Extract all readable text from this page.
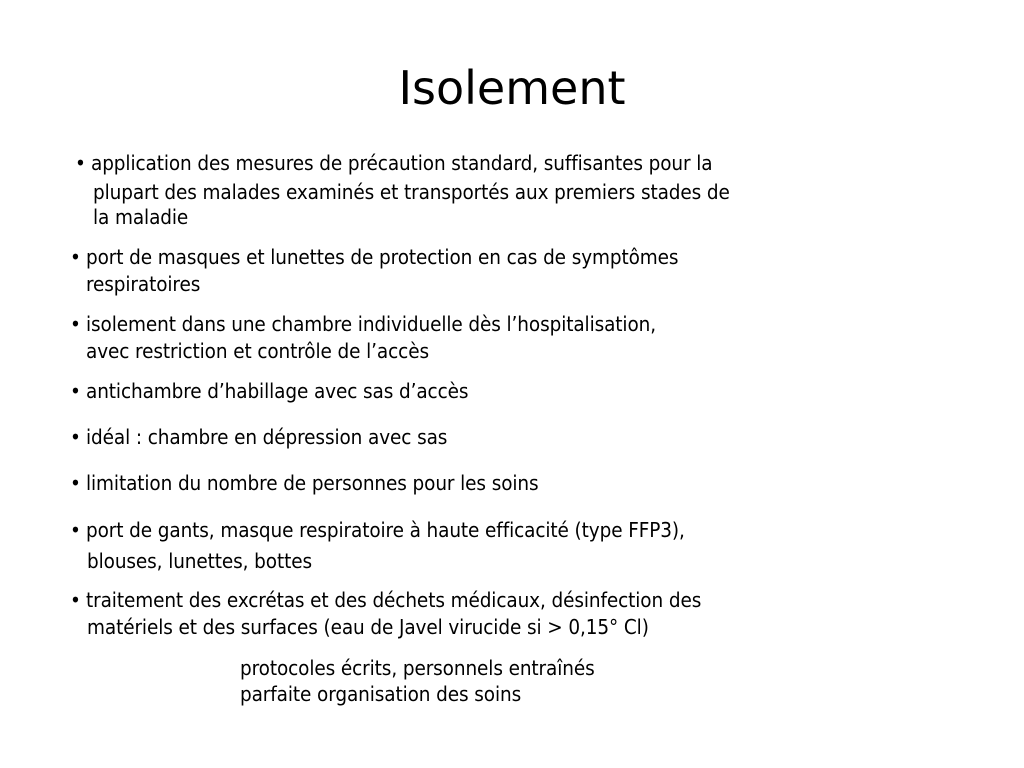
Isolement
• application des mesures de précaution standard, suffisantes pour la
plupart des malades examinés et transportés aux premiers stades de
la maladie
• port de masques et lunettes de protection en cas de symptômes
respiratoires
• isolement dans une chambre individuelle dès l’hospitalisation,
avec restriction et contrôle de l’accès
• antichambre d’habillage avec sas d’accès
• idéal : chambre en dépression avec sas
• limitation du nombre de personnes pour les soins
• port de gants, masque respiratoire à haute efficacité (type FFP3),
blouses, lunettes, bottes
• traitement des excrétas et des déchets médicaux, désinfection des
matériels et des surfaces (eau de Javel virucide si > 0,15° Cl)
protocoles écrits, personnels entraînés
parfaite organisation des soins
